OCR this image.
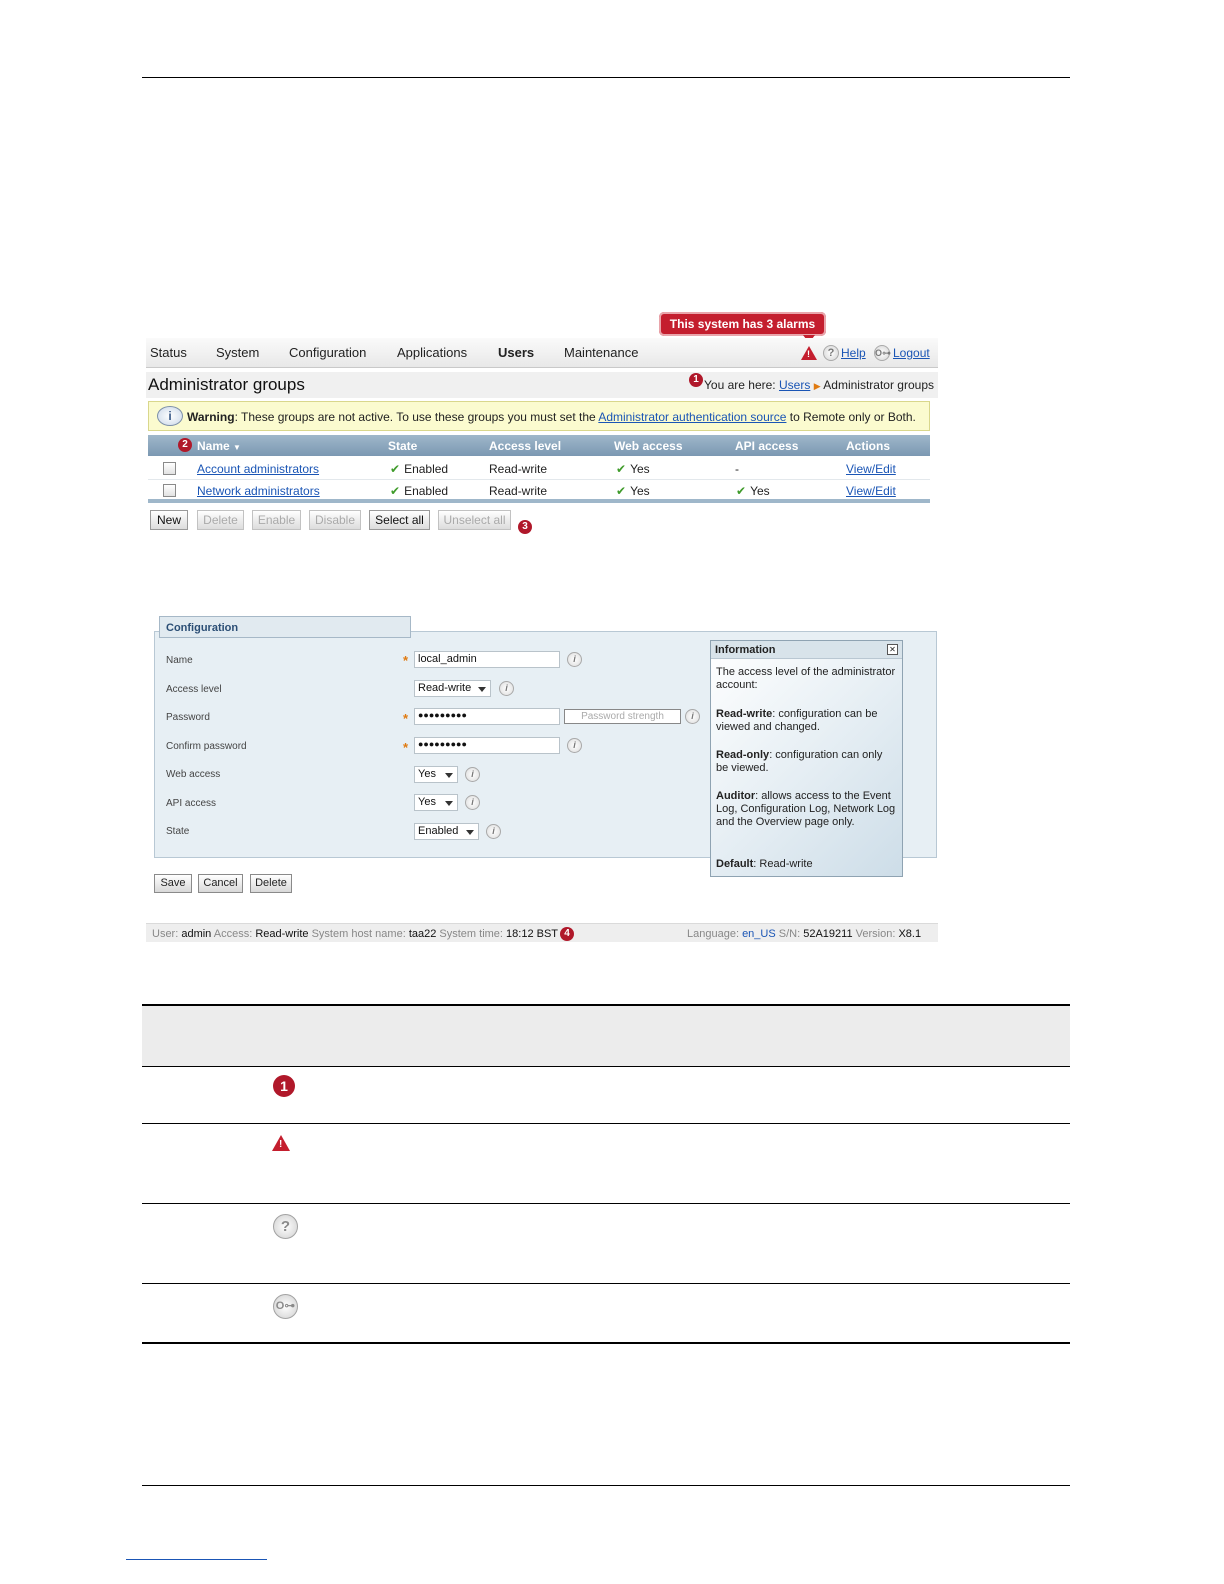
This system has 3 alarms
Status System Configuration Applications Users Maintenance	!	? Help O⊶ Logout
Administrator groups	You are here: Users ▶ Administrator groups
1
i	Warning: These groups are not active. To use these groups you must set the Administrator authentication source to Remote only or Both.
Name ▼	State	Access level	Web access	API access	Actions
2
Account administrators	✔ Enabled	Read-write	✔ Yes	-	View/Edit
Network administrators	✔ Enabled	Read-write	✔ Yes	✔ Yes	View/Edit
New	Delete	Enable	Disable	Select all	Unselect all	3
Configuration
Name	* local_admin	i
Access level	Read-write	i
Password	*	●●●●●●●●●	Password strength	i
Confirm password	*	●●●●●●●●●	i
Web access	Yes	i
API access	Yes	i
State	Enabled	i
Information	✕
The access level of the administrator account:
Read-write: configuration can be viewed and changed.
Read-only: configuration can only be viewed.
Auditor: allows access to the Event Log, Configuration Log, Network Log and the Overview page only.
Default: Read-write
Save	Cancel	Delete
User: admin Access: Read-write System host name: taa22 System time: 18:12 BST	Language: en_US S/N: 52A19211 Version: X8.1
4
1
!
?
O⊶
